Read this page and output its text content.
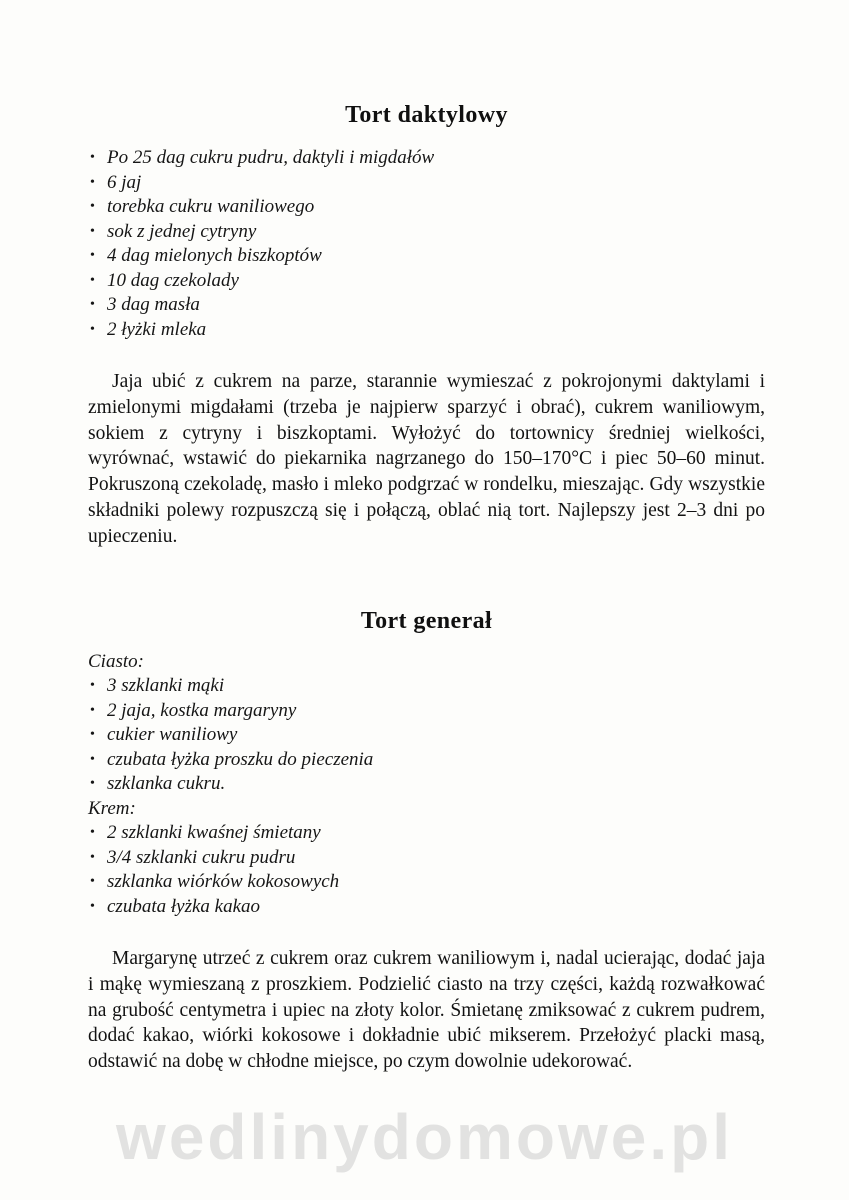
Tort daktylowy
• Po 25 dag cukru pudru, daktyli i migdałów
• 6 jaj
• torebka cukru waniliowego
• sok z jednej cytryny
• 4 dag mielonych biszkoptów
• 10 dag czekolady
• 3 dag masła
• 2 łyżki mleka

Jaja ubić z cukrem na parze, starannie wymieszać z pokrojonymi daktylami i zmielonymi migdałami (trzeba je najpierw sparzyć i obrać), cukrem waniliowym, sokiem z cytryny i biszkoptami. Wyłożyć do tortownicy średniej wielkości, wyrównać, wstawić do piekarnika nagrzanego do 150–170°C i piec 50–60 minut. Pokruszoną czekoladę, masło i mleko podgrzać w rondelku, mieszając. Gdy wszystkie składniki polewy rozpuszczą się i połączą, oblać nią tort. Najlepszy jest 2–3 dni po upieczeniu.

Tort generał
Ciasto:
• 3 szklanki mąki
• 2 jaja, kostka margaryny
• cukier waniliowy
• czubata łyżka proszku do pieczenia
• szklanka cukru.
Krem:
• 2 szklanki kwaśnej śmietany
• 3/4 szklanki cukru pudru
• szklanka wiórków kokosowych
• czubata łyżka kakao

Margarynę utrzeć z cukrem oraz cukrem waniliowym i, nadal ucierając, dodać jaja i mąkę wymieszaną z proszkiem. Podzielić ciasto na trzy części, każdą rozwałkować na grubość centymetra i upiec na złoty kolor. Śmietanę zmiksować z cukrem pudrem, dodać kakao, wiórki kokosowe i dokładnie ubić mikserem. Przełożyć placki masą, odstawić na dobę w chłodne miejsce, po czym dowolnie udekorować.

wedlinydomowe.pl
